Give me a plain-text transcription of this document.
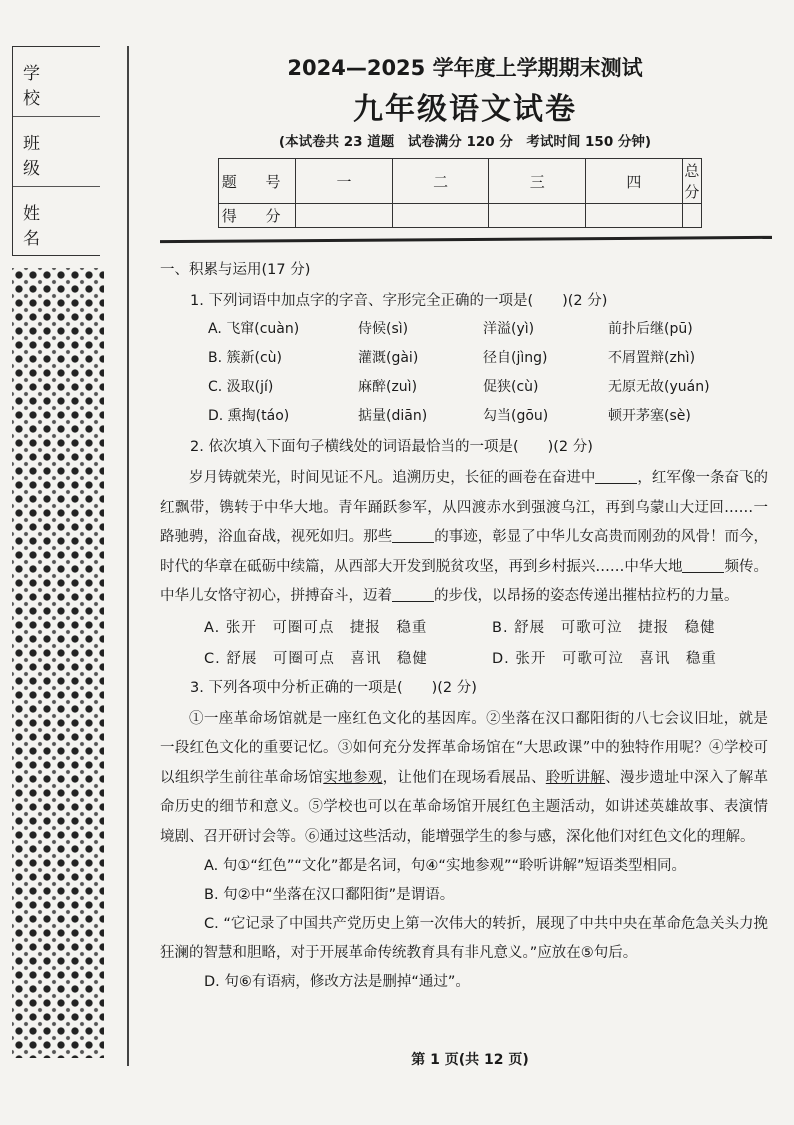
学 校
班 级
姓 名
2024—2025 学年度上学期期末测试
九年级语文试卷
(本试卷共 23 道题　试卷满分 120 分　考试时间 150 分钟)
题 号	一	二	三	四	总 分
得 分					
一、积累与运用(17 分)
1. 下列词语中加点字的字音、字形完全正确的一项是(　　)(2 分)
A. 飞窜(cuàn)	侍候(sì)	洋溢(yì)	前扑后继(pū)
B. 簇新(cù)	灌溉(gài)	径自(jìng)	不屑置辩(zhì)
C. 汲取(jí)	麻醉(zuì)	促狭(cù)	无原无故(yuán)
D. 熏掏(táo)	掂量(diān)	勾当(gōu)	顿开茅塞(sè)
2. 依次填入下面句子横线处的词语最恰当的一项是(　　)(2 分)

岁月铸就荣光，时间见证不凡。追溯历史，长征的画卷在奋进中	，红军像一条奋飞的红飘带，镌转于中华大地。青年踊跃参军，从四渡赤水到强渡乌江，再到乌蒙山大迂回……一路驰骋，浴血奋战，视死如归。那些	的事迹，彰显了中华儿女高贵而刚劲的风骨！而今，时代的华章在砥砺中续篇，从西部大开发到脱贫攻坚，再到乡村振兴……中华大地	频传。中华儿女恪守初心，拼搏奋斗，迈着	的步伐，以昂扬的姿态传递出摧枯拉朽的力量。

A. 张开　可圈可点　捷报　稳重	B. 舒展　可歌可泣　捷报　稳健
C. 舒展　可圈可点　喜讯　稳健	D. 张开　可歌可泣　喜讯　稳重
3. 下列各项中分析正确的一项是(　　)(2 分)

①一座革命场馆就是一座红色文化的基因库。②坐落在汉口鄱阳街的八七会议旧址，就是一段红色文化的重要记忆。③如何充分发挥革命场馆在“大思政课”中的独特作用呢？④学校可以组织学生前往革命场馆实地参观，让他们在现场看展品、聆听讲解、漫步遗址中深入了解革命历史的细节和意义。⑤学校也可以在革命场馆开展红色主题活动，如讲述英雄故事、表演情境剧、召开研讨会等。⑥通过这些活动，能增强学生的参与感，深化他们对红色文化的理解。

A. 句①“红色”“文化”都是名词，句④“实地参观”“聆听讲解”短语类型相同。
B. 句②中“坐落在汉口鄱阳街”是谓语。

C. “它记录了中国共产党历史上第一次伟大的转折，展现了中共中央在革命危急关头力挽狂澜的智慧和胆略，对于开展革命传统教育具有非凡意义。”应放在⑤句后。

D. 句⑥有语病，修改方法是删掉“通过”。
第 1 页(共 12 页)
